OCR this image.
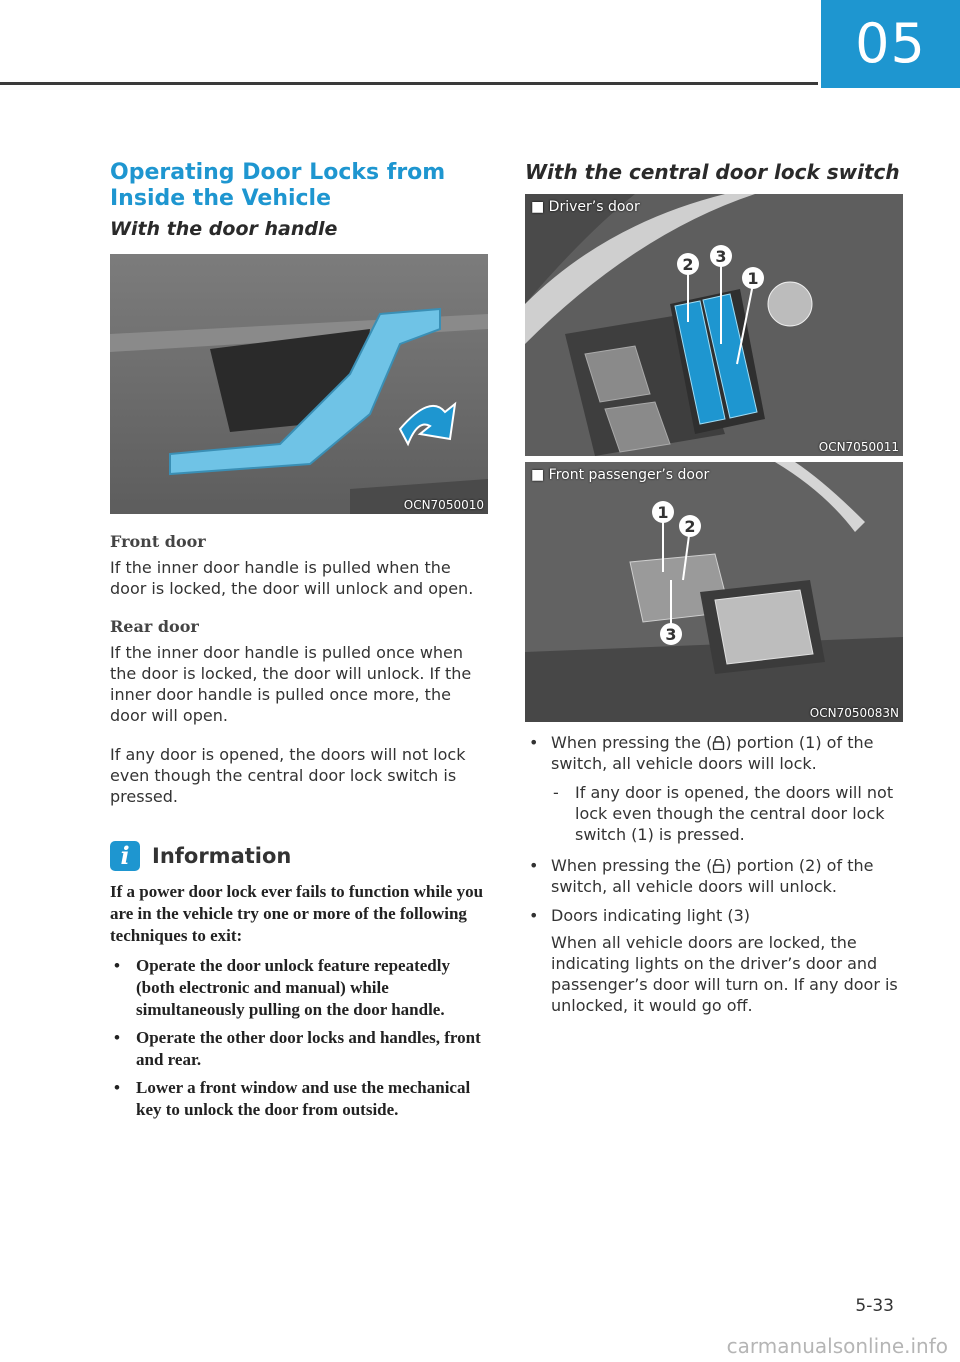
05

Operating Door Locks from

Inside the Vehicle

With the door handle

OCN7050010

Front door

If the inner door handle is pulled when the door is locked, the door will unlock and open.

Rear door

If the inner door handle is pulled once when the door is locked, the door will unlock. If the inner door handle is pulled once more, the door will open.

If any door is opened, the doors will not lock even though the central door lock switch is pressed.

i	Information

If a power door lock ever fails to function while you are in the vehicle try one or more of the following techniques to exit:

• Operate the door unlock feature repeatedly (both electronic and manual) while simultaneously pulling on the door handle.
• Operate the other door locks and handles, front and rear.
• Lower a front window and use the mechanical key to unlock the door from outside.

With the central door lock switch

2 3
1
■ Driver’s door
OCN7050011
1
2
3
■ Front passenger’s door
OCN7050083N
• When pressing the ( ) portion (1) of the switch, all vehicle doors will lock.
- If any door is opened, the doors will not lock even though the central door lock switch (1) is pressed.
• When pressing the ( ) portion (2) of the switch, all vehicle doors will unlock.
• Doors indicating light (3)

When all vehicle doors are locked, the indicating lights on the driver’s door and passenger’s door will turn on. If any door is unlocked, it would go off.

5-33
carmanualsonline.info
